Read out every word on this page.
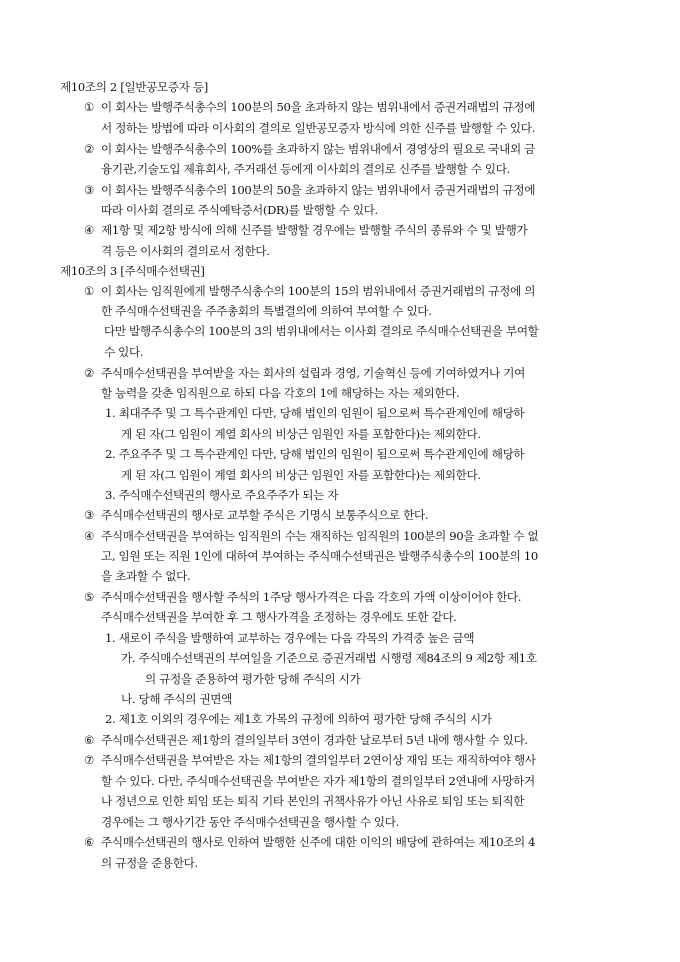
제10조의 2 [일반공모증자 등]
① 이 회사는 발행주식총수의 100분의 50을 초과하지 않는 범위내에서 증권거래법의 규정에
서 정하는 방법에 따라 이사회의 결의로 일반공모증자 방식에 의한 신주를 발행할 수 있다.
② 이 회사는 발행주식총수의 100%를 초과하지 않는 범위내에서 경영상의 필요로 국내외 금
융기관,기술도입 제휴회사, 주거래선 등에게 이사회의 결의로 신주를 발행할 수 있다.
③ 이 회사는 발행주식총수의 100분의 50을 초과하지 않는 범위내에서 증권거래법의 규정에
따라 이사회 결의로 주식예탁증서(DR)를 발행할 수 있다.
④ 제1항 및 제2항 방식에 의해 신주를 발행할 경우에는 발행할 주식의 종류와 수 및 발행가
격 등은 이사회의 결의로서 정한다.
제10조의 3 [주식매수선택권]
① 이 회사는 임직원에게 발행주식총수의 100분의 15의 범위내에서 증권거래법의 규정에 의
한 주식매수선택권을 주주총회의 특별결의에 의하여 부여할 수 있다.
다만 발행주식총수의 100분의 3의 범위내에서는 이사회 결의로 주식매수선택권을 부여할
수 있다.
② 주식매수선택권을 부여받을 자는 회사의 설립과 경영, 기술혁신 등에 기여하였거나 기여
할 능력을 갖춘 임직원으로 하되 다음 각호의 1에 해당하는 자는 제외한다.
1. 최대주주 및 그 특수관계인 다만, 당해 법인의 임원이 됨으로써 특수관계인에 해당하
게 된 자(그 임원이 계열 회사의 비상근 임원인 자를 포함한다)는 제외한다.
2. 주요주주 및 그 특수관계인 다만, 당해 법인의 임원이 됨으로써 특수관계인에 해당하
게 된 자(그 임원이 계열 회사의 비상근 임원인 자를 포함한다)는 제외한다.
3. 주식매수선택권의 행사로 주요주주가 되는 자
③ 주식매수선택권의 행사로 교부할 주식은 기명식 보통주식으로 한다.
④ 주식매수선택권을 부여하는 임직원의 수는 재직하는 임직원의 100분의 90을 초과할 수 없
고, 임원 또는 직원 1인에 대하여 부여하는 주식매수선택권은 발행주식총수의 100분의 10
을 초과할 수 없다.
⑤ 주식매수선택권을 행사할 주식의 1주당 행사가격은 다음 각호의 가액 이상이어야 한다.
주식매수선택권을 부여한 후 그 행사가격을 조정하는 경우에도 또한 같다.
1. 새로이 주식을 발행하여 교부하는 경우에는 다음 각목의 가격중 높은 금액
가. 주식매수선택권의 부여일을 기준으로 증권거래법 시행령 제84조의 9 제2항 제1호
의 규정을 준용하여 평가한 당해 주식의 시가
나. 당해 주식의 권면액
2. 제1호 이외의 경우에는 제1호 가목의 규정에 의하여 평가한 당해 주식의 시가
⑥ 주식매수선택권은 제1항의 결의일부터 3연이 경과한 날로부터 5년 내에 행사할 수 있다.
⑦ 주식매수선택권을 부여받은 자는 제1항의 결의일부터 2연이상 재임 또는 재직하여야 행사
할 수 있다. 다만, 주식매수선택권을 부여받은 자가 제1항의 결의일부터 2연내에 사망하거
나 정년으로 인한 퇴임 또는 퇴직 기타 본인의 귀책사유가 아닌 사유로 퇴임 또는 퇴직한
경우에는 그 행사기간 동안 주식매수선택권을 행사할 수 있다.
⑥ 주식매수선택권의 행사로 인하여 발행한 신주에 대한 이익의 배당에 관하여는 제10조의 4
의 규정을 준용한다.
